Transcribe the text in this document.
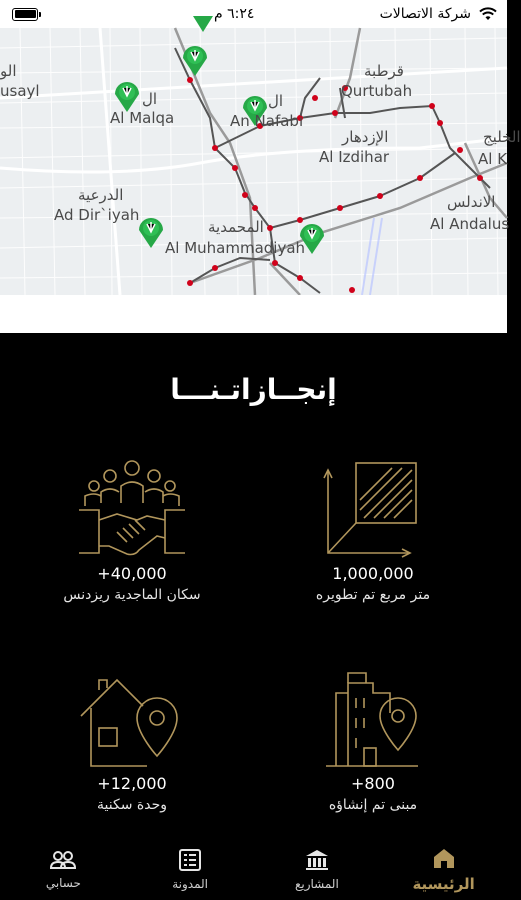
٦:٢٤ م	شركة الاتصالات
قرطبة
Qurtubah
الإزدهار
Al Izdihar
ال
Al Malqa
ال
An Nafabi
الدرعية
Ad Dir`iyah
المحمدية
Al Muhammadiyah
الاندلس
Al Andalus
الو
usayl
الخليج
Al K
إنجــازاتـنـــا
1,000,000
متر مربع تم تطويره
+40,000
سكان الماجدية ريزدنس
+800
مبنى تم إنشاؤه
+12,000
وحدة سكنية
الرئيسية
المشاريع
المدونة
حسابي
